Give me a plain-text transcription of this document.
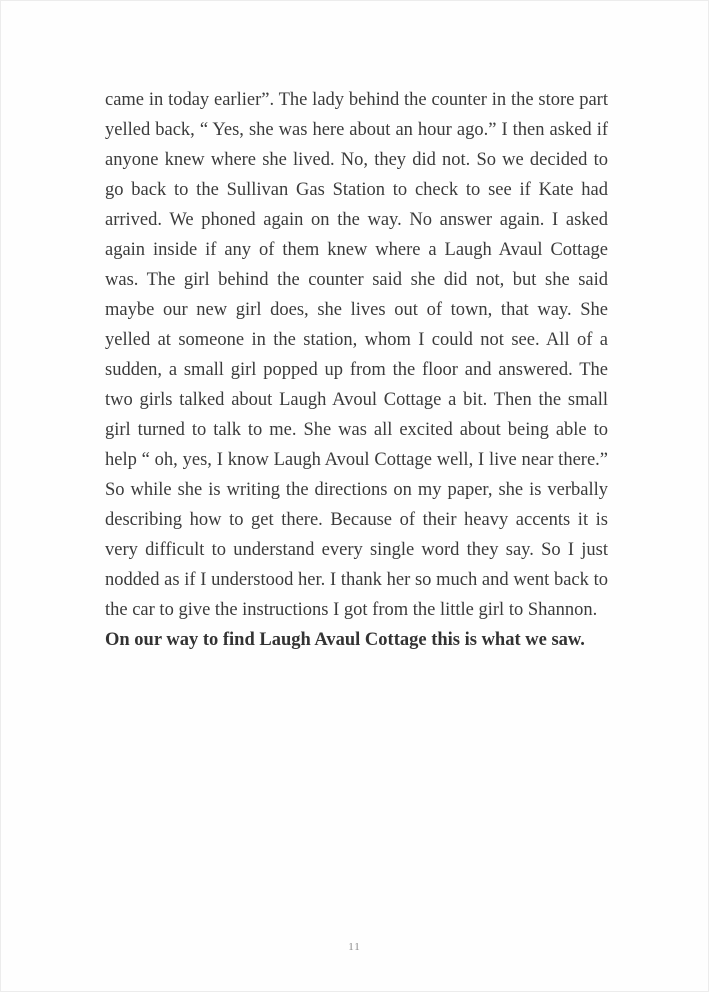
came in today earlier”. The lady behind the counter in the store part yelled back, “ Yes, she was here about an hour ago.” I then asked if anyone knew where she lived. No, they did not. So we decided to go back to the Sullivan Gas Station to check to see if Kate had arrived. We phoned again on the way. No answer again. I asked again inside if any of them knew where a Laugh Avaul Cottage was. The girl behind the counter said she did not, but she said maybe our new girl does, she lives out of town, that way. She yelled at someone in the station, whom I could not see. All of a sudden, a small girl popped up from the floor and answered. The two girls talked about Laugh Avoul Cottage a bit. Then the small girl turned to talk to me. She was all excited about being able to help “ oh, yes, I know Laugh Avoul Cottage well, I live near there.” So while she is writing the directions on my paper, she is verbally describing how to get there. Because of their heavy accents it is very difficult to understand every single word they say. So I just nodded as if I understood her. I thank her so much and went back to the car to give the instructions I got from the little girl to Shannon.

On our way to find Laugh Avaul Cottage this is what we saw.

11
